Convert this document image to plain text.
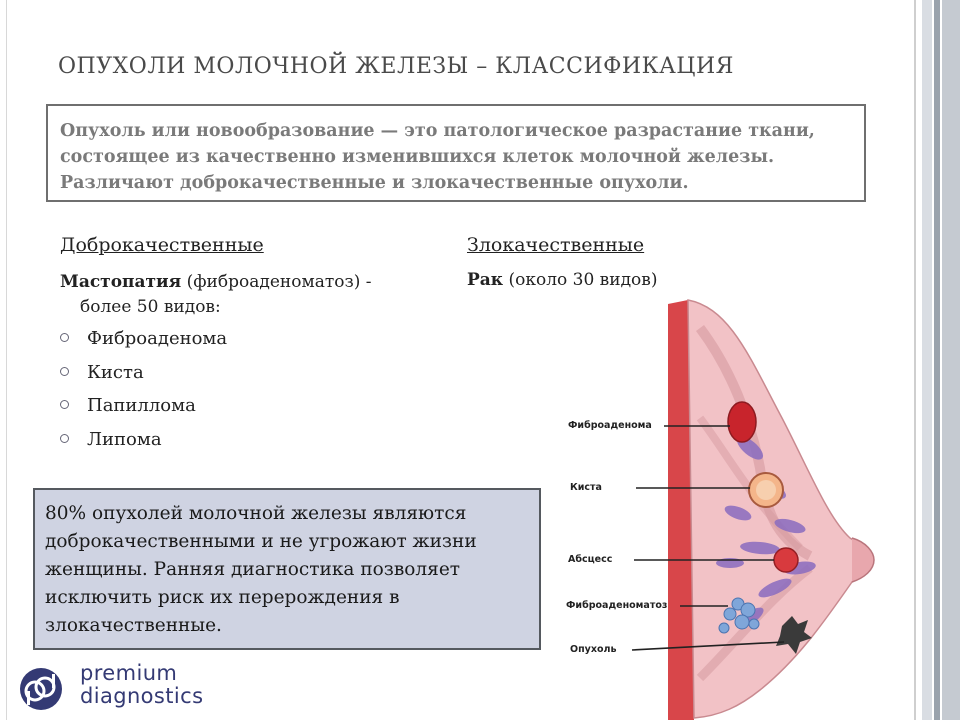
ОПУХОЛИ МОЛОЧНОЙ ЖЕЛЕЗЫ – КЛАССИФИКАЦИЯ
Опухоль или новообразование — это патологическое разрастание ткани, состоящее из качественно изменившихся клеток молочной железы. Различают доброкачественные и злокачественные опухоли.
Доброкачественные	Злокачественные
Мастопатия (фиброаденоматоз) -
более 50 видов:
Рак (около 30 видов)
Фиброаденома
Киста
Папиллома
Липома
80% опухолей молочной железы являются доброкачественными и не угрожают жизни женщины. Ранняя диагностика позволяет исключить риск их перерождения в злокачественные.
premium
diagnostics
Фиброаденома
Киста
Абсцесс
Фиброаденоматоз
Опухоль
